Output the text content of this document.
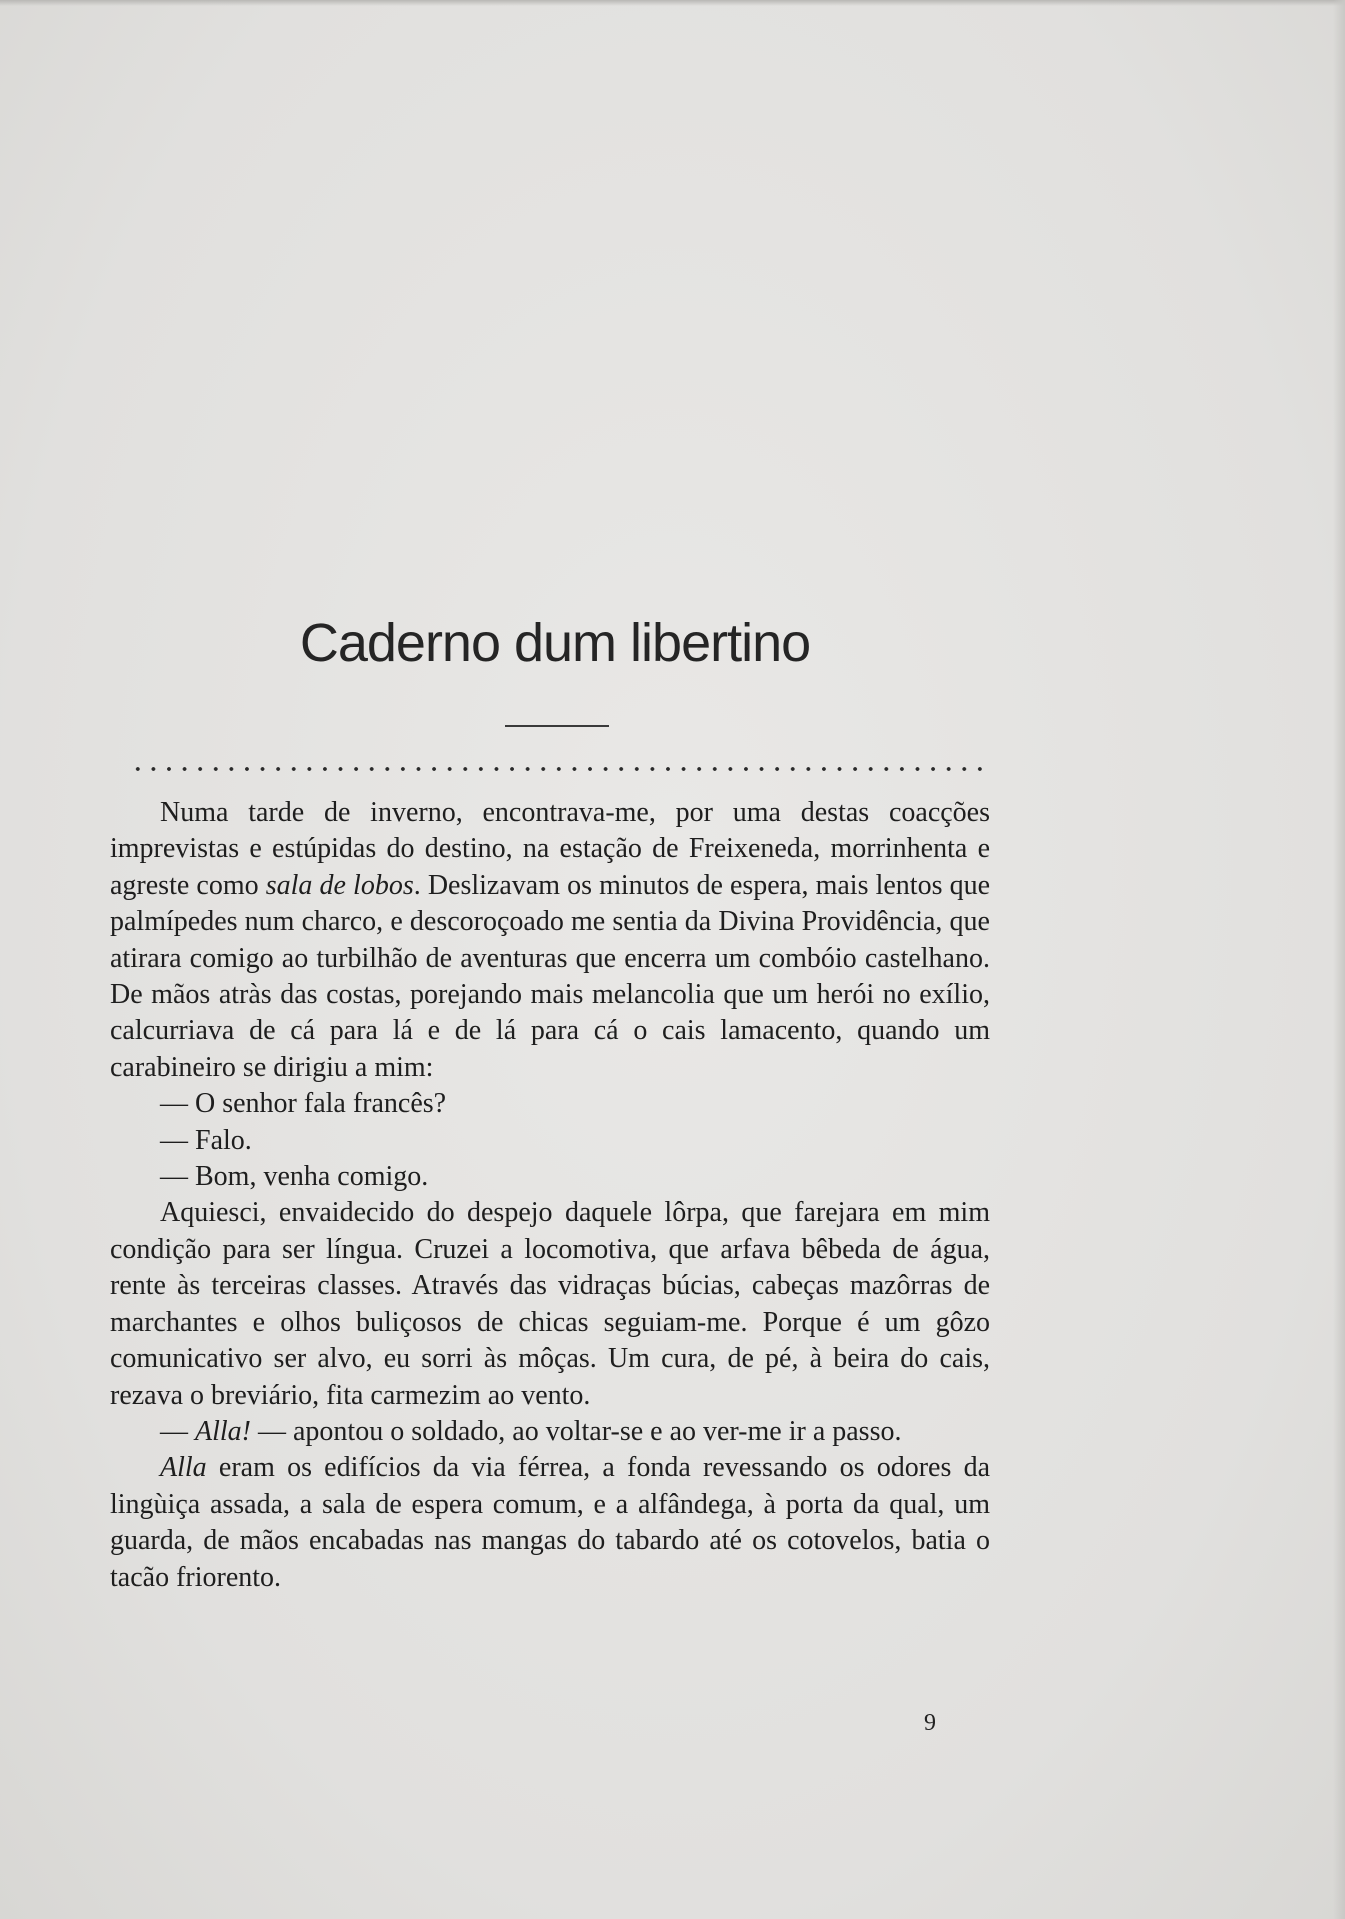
Caderno dum libertino

Numa tarde de inverno, encontrava-me, por uma destas coacções imprevistas e estúpidas do destino, na estação de Freixeneda, morrinhenta e agreste como sala de lobos. Deslizavam os minutos de espera, mais lentos que palmípedes num charco, e descoroçoado me sentia da Divina Providência, que atirara comigo ao turbilhão de aventuras que encerra um combóio castelhano. De mãos atràs das costas, porejando mais melancolia que um herói no exílio, calcurriava de cá para lá e de lá para cá o cais lamacento, quando um carabineiro se dirigiu a mim:

— O senhor fala francês?

— Falo.

— Bom, venha comigo.

Aquiesci, envaidecido do despejo daquele lôrpa, que farejara em mim condição para ser língua. Cruzei a locomotiva, que arfava bêbeda de água, rente às terceiras classes. Através das vidraças búcias, cabeças mazôrras de marchantes e olhos buliçosos de chicas seguiam-me. Porque é um gôzo comunicativo ser alvo, eu sorri às môças. Um cura, de pé, à beira do cais, rezava o breviário, fita carmezim ao vento.

— Alla! — apontou o soldado, ao voltar-se e ao ver-me ir a passo.

Alla eram os edifícios da via férrea, a fonda revessando os odores da lingùiça assada, a sala de espera comum, e a alfândega, à porta da qual, um guarda, de mãos encabadas nas mangas do tabardo até os cotovelos, batia o tacão friorento.

9
